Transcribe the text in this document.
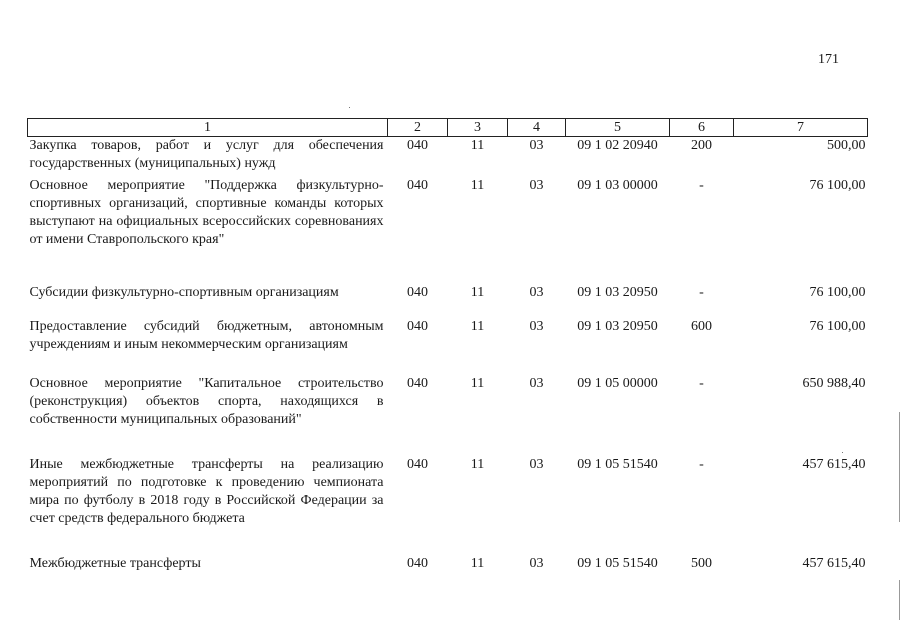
171
1	2	3	4	5	6	7
Закупка товаров, работ и услуг для обеспечения государственных (муниципальных) нужд	040	11	03	09 1 02 20940	200	500,00
Основное мероприятие "Поддержка физкультурно-спортивных организаций, спортивные команды которых выступают на официальных всероссийских соревнованиях от имени Ставропольского края"	040	11	03	09 1 03 00000	-	76 100,00
Субсидии физкультурно-спортивным организациям	040	11	03	09 1 03 20950	-	76 100,00
Предоставление субсидий бюджетным, автономным учреждениям и иным некоммерческим организациям	040	11	03	09 1 03 20950	600	76 100,00
Основное мероприятие "Капитальное строительство (реконструкция) объектов спорта, находящихся в собственности муниципальных образований"	040	11	03	09 1 05 00000	-	650 988,40
Иные межбюджетные трансферты на реализацию мероприятий по подготовке к проведению чемпионата мира по футболу в 2018 году в Российской Федерации за счет средств федерального бюджета	040	11	03	09 1 05 51540	-	457 615,40
Межбюджетные трансферты	040	11	03	09 1 05 51540	500	457 615,40
